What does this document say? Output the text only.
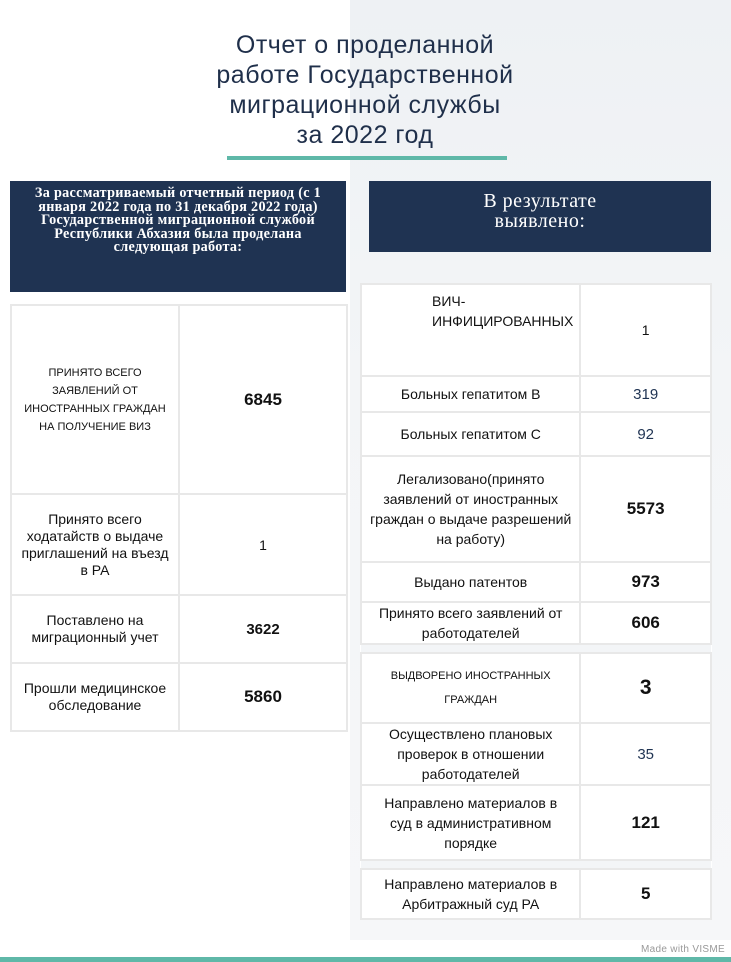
Отчет о проделанной
работе Государственной
миграционной службы
за 2022 год
За рассматриваемый отчетный период (с 1 января 2022 года по 31 декабря 2022 года) Государственной миграционной службой Республики Абхазия была проделана следующая работа:
В результате
выявлено:
ПРИНЯТО ВСЕГО ЗАЯВЛЕНИЙ ОТ ИНОСТРАННЫХ ГРАЖДАН НА ПОЛУЧЕНИЕ ВИЗ	6845
Принято всего ходатайств о выдаче приглашений на въезд в РА	1
Поставлено на миграционный учет	3622
Прошли медицинское обследование	5860
ВИЧ-ИНФИЦИРОВАННЫХ	1
Больных гепатитом В	319
Больных гепатитом С	92
Легализовано(принято заявлений от иностранных граждан о выдаче разрешений на работу)	5573
Выдано патентов	973
Принято всего заявлений от работодателей	606

ВЫДВОРЕНО ИНОСТРАННЫХ ГРАЖДАН	3
Осуществлено плановых проверок в отношении работодателей	35

Направлено материалов в суд в административном порядке	121

Направлено материалов в Арбитражный суд РА	5
Made with VISME
